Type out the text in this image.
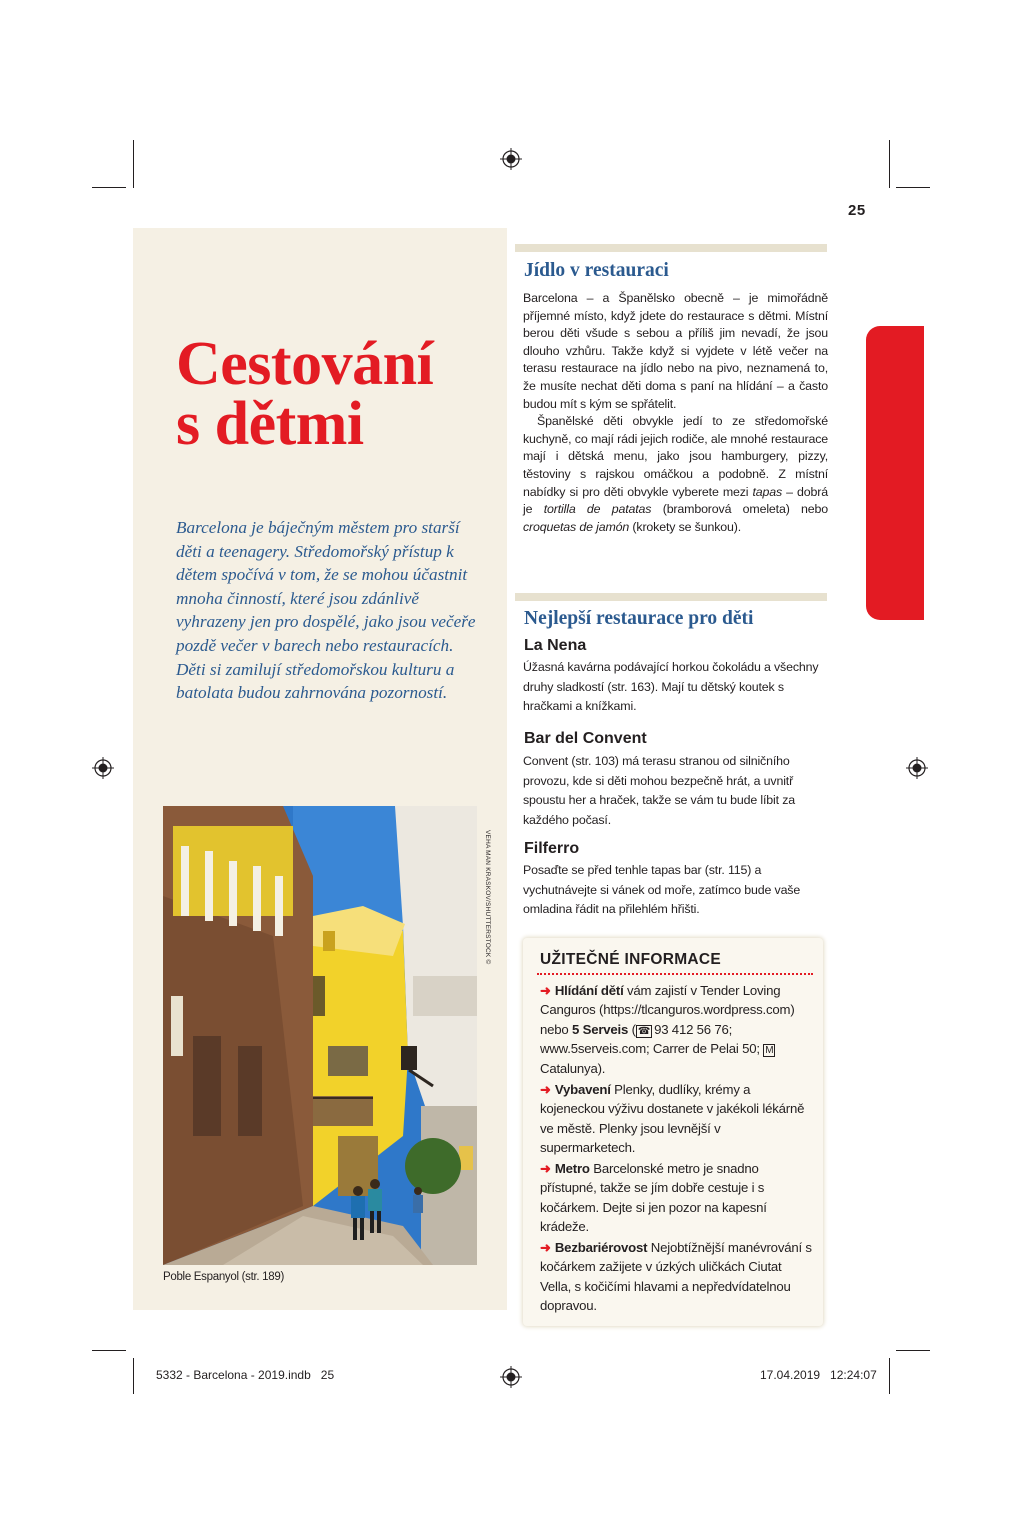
25
Cestování
s dětmi
Barcelona je báječným městem pro starší děti a teenagery. Středomořský přístup k dětem spočívá v tom, že se mohou účastnit mnoha činností, které jsou zdánlivě vyhrazeny jen pro dospělé, jako jsou večeře pozdě večer v barech nebo restauracích. Děti si zamilují středomořskou kulturu a batolata budou zahrnována pozorností.
VEHA MAN KRASKOV/SHUTTERSTOCK ©
Poble Espanyol (str. 189)
Jídlo v restauraci

Barcelona – a Španělsko obecně – je mimořádně příjemné místo, když jdete do restaurace s dětmi. Místní berou děti všude s sebou a příliš jim nevadí, že jsou dlouho vzhůru. Takže když si vyjdete v létě večer na terasu restaurace na jídlo nebo na pivo, neznamená to, že musíte nechat děti doma s paní na hlídání – a často budou mít s kým se spřátelit.

Španělské děti obvykle jedí to ze středomořské kuchyně, co mají rádi jejich rodiče, ale mnohé restaurace mají i dětská menu, jako jsou hamburgery, pizzy, těstoviny s rajskou omáčkou a podobně. Z místní nabídky si pro děti obvykle vyberete mezi tapas – dobrá je tortilla de patatas (bramborová omeleta) nebo croquetas de jamón (krokety se šunkou).

Nejlepší restaurace pro děti
La Nena
Úžasná kavárna podávající horkou čokoládu a všechny druhy sladkostí (str. 163). Mají tu dětský koutek s hračkami a knížkami.
Bar del Convent
Convent (str. 103) má terasu stranou od silničního provozu, kde si děti mohou bezpečně hrát, a uvnitř spoustu her a hraček, takže se vám tu bude líbit za každého počasí.
Filferro
Posaďte se před tenhle tapas bar (str. 115) a vychutnávejte si vánek od moře, zatímco bude vaše omladina řádit na přilehlém hřišti.
UŽITEČNÉ INFORMACE
➜ Hlídání dětí vám zajistí v Tender Loving Canguros (https://tlcanguros.wordpress.com) nebo 5 Serveis ( ☎ 93 412 56 76; www.5serveis.com; Carrer de Pelai 50; MCatalunya).
➜ Vybavení Plenky, dudlíky, krémy a kojeneckou výživu dostanete v jakékoli lékárně ve městě. Plenky jsou levnější v supermarketech.
➜ Metro Barcelonské metro je snadno přístupné, takže se jím dobře cestuje i s kočárkem. Dejte si jen pozor na kapesní krádeže.
➜ Bezbariérovost Nejobtížnější manévrování s kočárkem zažijete v úzkých uličkách Ciutat Vella, s kočičími hlavami a nepředvídatelnou dopravou.
5332 - Barcelona - 2019.indb   25	17.04.2019   12:24:07
